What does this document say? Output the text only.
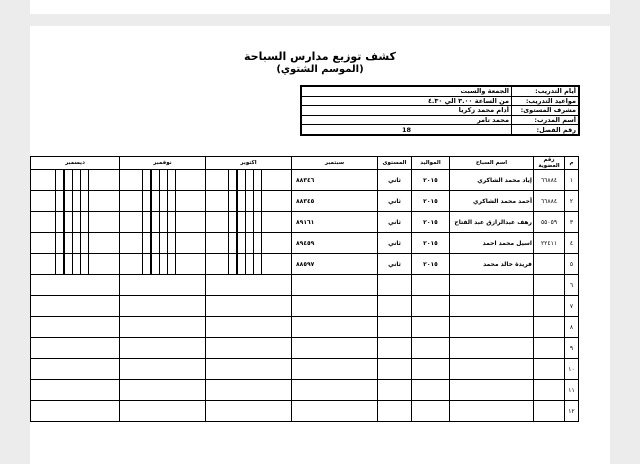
كشف توزيع مدارس السباحة
(الموسم الشتوي)
أيام التدريب:	الجمعة والسبت
مواعيد التدريب:	من الساعة ٣.٠٠ الي ٤.٣٠
مشرف المستوى:	أدام محمد زكريا
أسم المدرب:	محمد تامر
رقم الفصل:	18
م	رقم العضوية	اسم السباح	المواليد	المستوى	سبتمبر	اكتوبر	نوفمبر	ديسمبر
١	٦٦٨٨٤	إياد محمد الشاكري	٢٠١٥	ثاني	٨٨٣٤٦	

٢	٦٦٨٨٤	أحمد محمد الشاكري	٢٠١٥	ثاني	٨٨٣٤٥	

٣	٥٥٠٥٩	رهف عبدالرازق عبد الفتاح	٢٠١٥	ثاني	٨٩١٦١	

٤	٢٢٤١١	اسيل محمد احمد	٢٠١٥	ثاني	٨٩٤٥٩	

٥		فريدة خالد محمد	٢٠١٥	ثاني	٨٨٥٩٧	

٦								
٧								
٨								
٩								
١٠								
١١								
١٢								
